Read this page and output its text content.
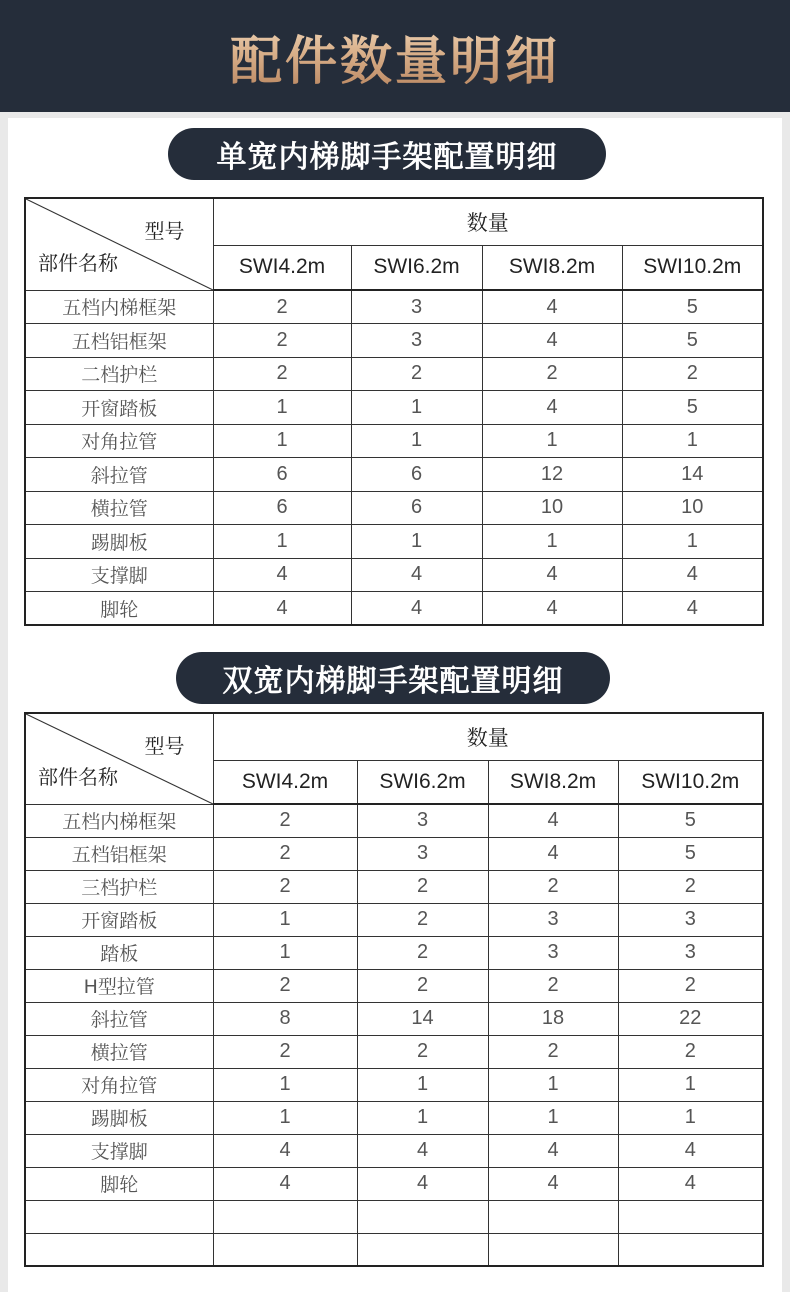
配件数量明细
单宽内梯脚手架配置明细
型号
部件名称	数量			
	SWI4.2m	SWI6.2m	SWI8.2m	SWI10.2m
五档内梯框架	2	3	4	5
五档铝框架	2	3	4	5
二档护栏	2	2	2	2
开窗踏板	1	1	4	5
对角拉管	1	1	1	1
斜拉管	6	6	12	14
横拉管	6	6	10	10
踢脚板	1	1	1	1
支撑脚	4	4	4	4
脚轮	4	4	4	4
双宽内梯脚手架配置明细
型号
部件名称	数量			
	SWI4.2m	SWI6.2m	SWI8.2m	SWI10.2m
五档内梯框架	2	3	4	5
五档铝框架	2	3	4	5
三档护栏	2	2	2	2
开窗踏板	1	2	3	3
踏板	1	2	3	3
H型拉管	2	2	2	2
斜拉管	8	14	18	22
横拉管	2	2	2	2
对角拉管	1	1	1	1
踢脚板	1	1	1	1
支撑脚	4	4	4	4
脚轮	4	4	4	4
